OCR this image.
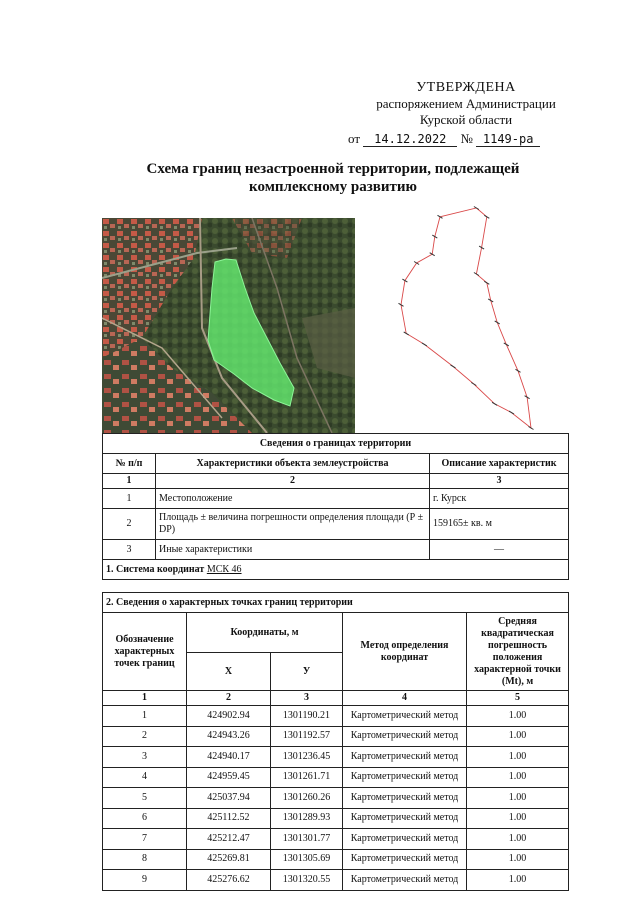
УТВЕРЖДЕНА
распоряжением Администрации
Курской области
от 14.12.2022 № 1149-ра
Схема границ незастроенной территории, подлежащей комплексному развитию
Сведения о границах территории		
№ п/п	Характеристики объекта землеустройства	Описание характеристик
1	2	3
1	Местоположение	г. Курск
2	Площадь ± величина погрешности определения площади (Р ± DP)	159165± кв. м
3	Иные характеристики	—
1. Система координат МСК 46		
2. Сведения о характерных точках границ территории				
Обозначение характерных точек границ	Координаты, м		Метод определения координат	Средняя квадратическая погрешность положения характерной точки (Mt), м
	Х	У		
1	2	3	4	5
1	424902.94	1301190.21	Картометрический метод	1.00
2	424943.26	1301192.57	Картометрический метод	1.00
3	424940.17	1301236.45	Картометрический метод	1.00
4	424959.45	1301261.71	Картометрический метод	1.00
5	425037.94	1301260.26	Картометрический метод	1.00
6	425112.52	1301289.93	Картометрический метод	1.00
7	425212.47	1301301.77	Картометрический метод	1.00
8	425269.81	1301305.69	Картометрический метод	1.00
9	425276.62	1301320.55	Картометрический метод	1.00
